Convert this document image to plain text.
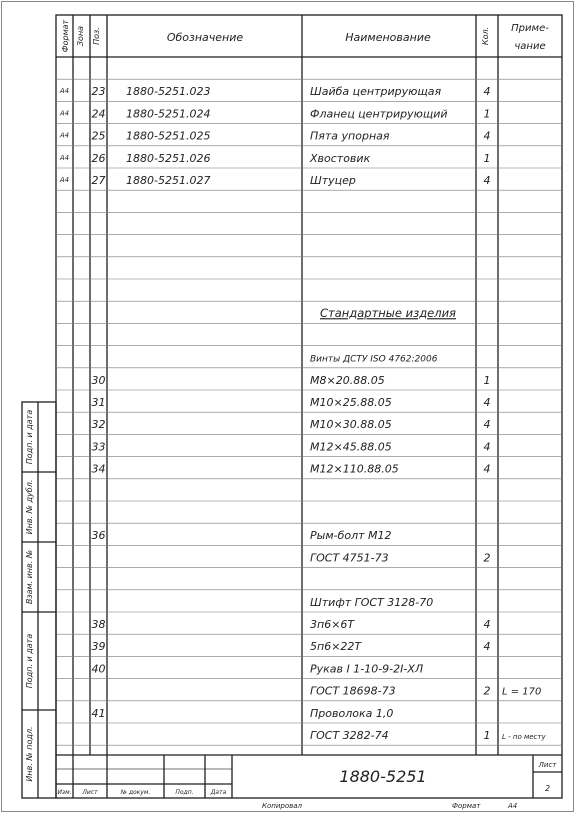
Формат Зона Поз.	Обозначение	Наименование	Кол. Приме-
чание
А4 23 1880-5251.023	Шайба центрирующая	4
А4 24 1880-5251.024	Фланец центрирующий	1
А4 25 1880-5251.025	Пята упорная	4
А4 26 1880-5251.026	Хвостовик	1
А4 27 1880-5251.027	Штуцер	4
Стандартные изделия
Винты ДСТУ ISO 4762:2006
30	М8×20.88.05	1
31	М10×25.88.05	4
32	М10×30.88.05	4
33	М12×45.88.05	4
34	М12×110.88.05	4
36	Рым-болт М12
ГОСТ 4751-73	2
Штифт ГОСТ 3128-70
38	3п6×6Т	4
39	5п6×22Т	4
40	Рукав I 1-10-9-2I-ХЛ
ГОСТ 18698-73	2 L = 170
41	Проволока 1,0
ГОСТ 3282-74	1 L - по месту
Подп. и дата
Инв. № дубл.
Взам. инв. №
Подп. и дата
Инв. № подл.
Изм. Лист	№ докум.	Подп.	Дата
1880-5251
Лист
2
Копировал	Формат	А4
